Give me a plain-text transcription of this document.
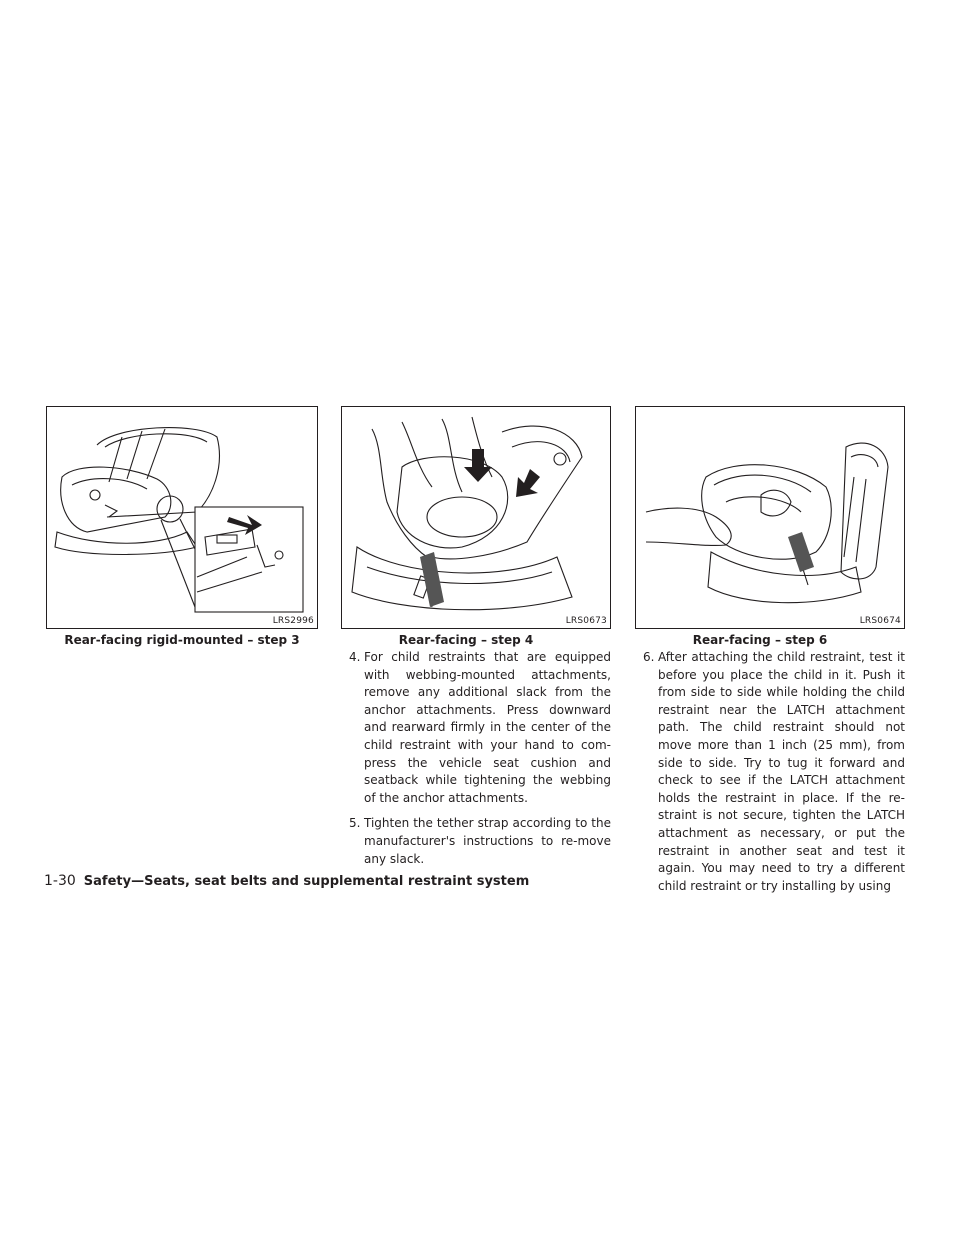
LRS2996
Rear-facing rigid-mounted – step 3
LRS0673
Rear-facing – step 4
LRS0674
Rear-facing – step 6
4. For child restraints that are equipped with webbing-mounted attachments, remove any additional slack from the anchor attachments. Press downward and rearward firmly in the center of the child restraint with your hand to com-press the vehicle seat cushion and seatback while tightening the webbing of the anchor attachments.
5. Tighten the tether strap according to the manufacturer's instructions to re-move any slack.
6. After attaching the child restraint, test it before you place the child in it. Push it from side to side while holding the child restraint near the LATCH attachment path. The child restraint should not move more than 1 inch (25 mm), from side to side. Try to tug it forward and check to see if the LATCH attachment holds the restraint in place. If the re-straint is not secure, tighten the LATCH attachment as necessary, or put the restraint in another seat and test it again. You may need to try a different child restraint or try installing by using
1-30 Safety—Seats, seat belts and supplemental restraint system
